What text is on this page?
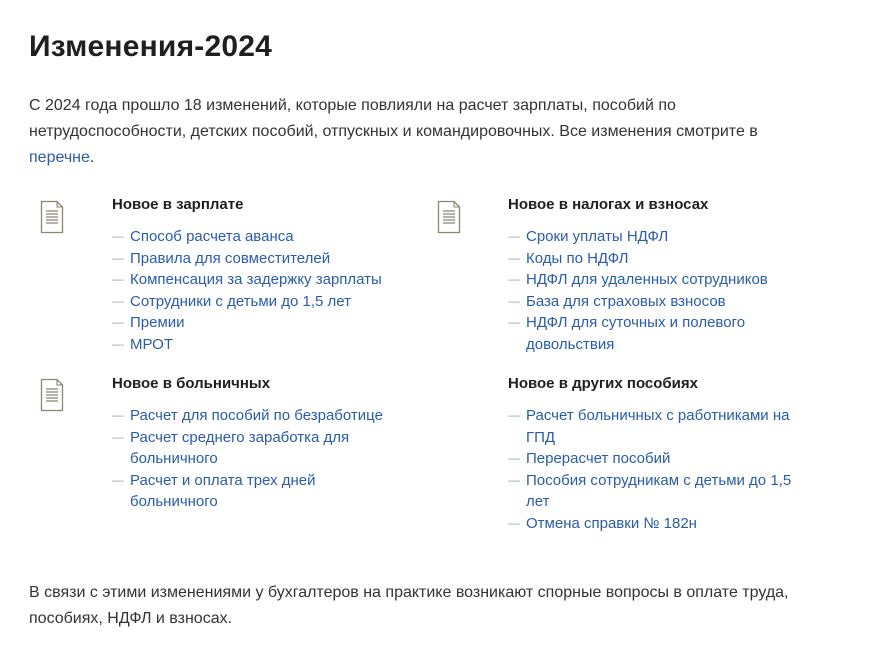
Изменения-2024

С 2024 года прошло 18 изменений, которые повлияли на расчет зарплаты, пособий по нетрудоспособности, детских пособий, отпускных и командировочных. Все изменения смотрите в перечне.

Новое в зарплате
— Способ расчета аванса
— Правила для совместителей
— Компенсация за задержку зарплаты
— Сотрудники с детьми до 1,5 лет
— Премии
— МРОТ
Новое в налогах и взносах
— Сроки уплаты НДФЛ
— Коды по НДФЛ
— НДФЛ для удаленных сотрудников
— База для страховых взносов
— НДФЛ для суточных и полевого довольствия
Новое в больничных
— Расчет для пособий по безработице
— Расчет среднего заработка для больничного
— Расчет и оплата трех дней больничного
Новое в других пособиях
— Расчет больничных с работниками на ГПД
— Перерасчет пособий
— Пособия сотрудникам с детьми до 1,5 лет
— Отмена справки № 182н

В связи с этими изменениями у бухгалтеров на практике возникают спорные вопросы в оплате труда, пособиях, НДФЛ и взносах.
